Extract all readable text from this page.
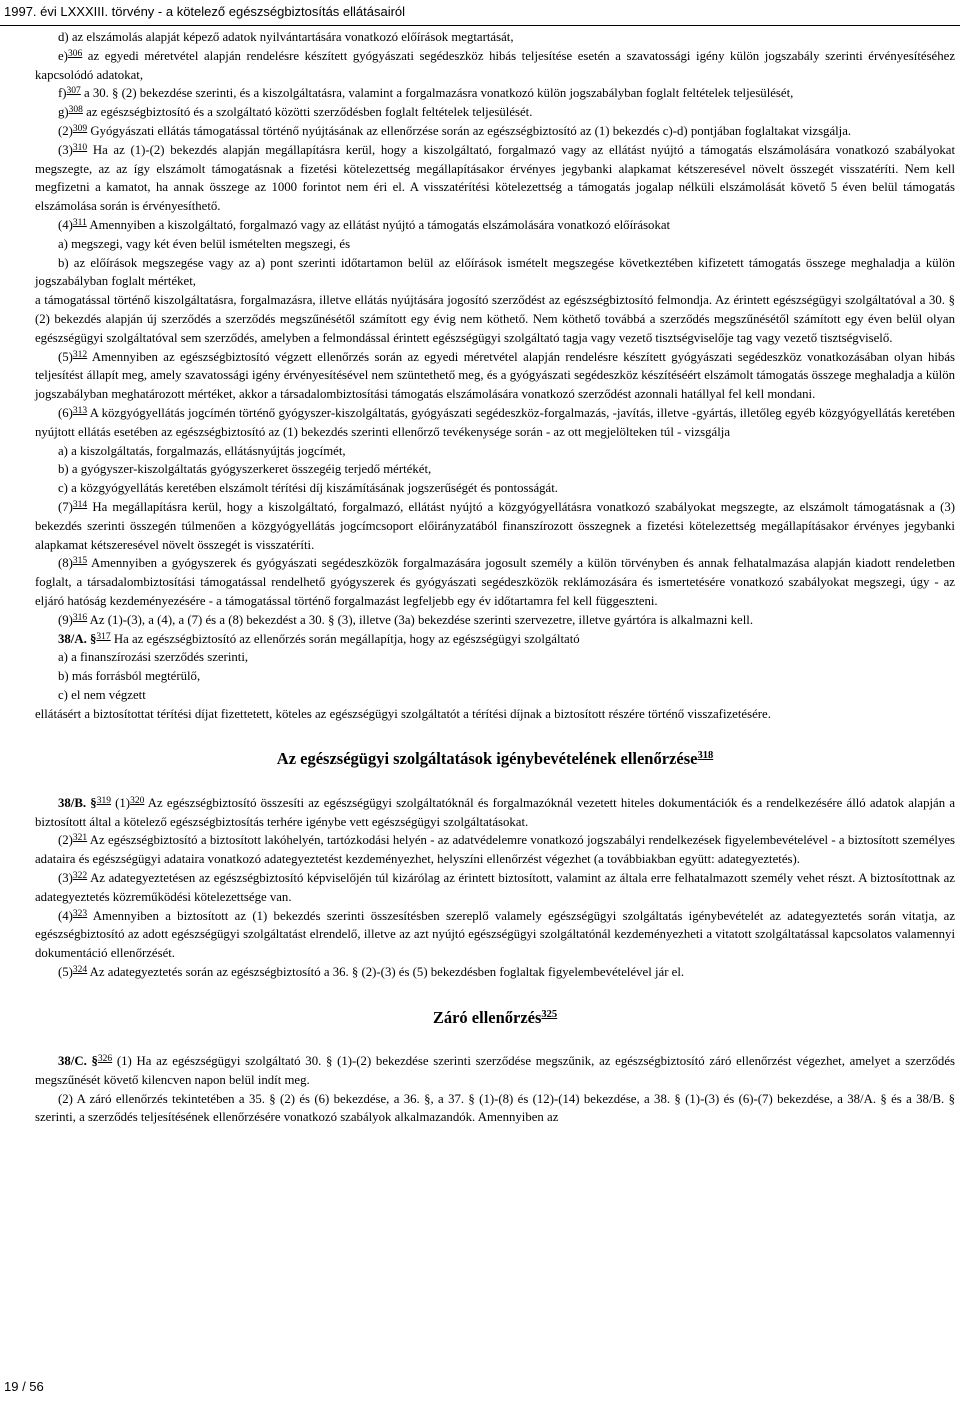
1997. évi LXXXIII. törvény - a kötelező egészségbiztosítás ellátásairól

d) az elszámolás alapját képező adatok nyilvántartására vonatkozó előírások megtartását,

e)$^{306}$ az egyedi méretvétel alapján rendelésre készített gyógyászati segédeszköz hibás teljesítése esetén a szavatossági igény külön jogszabály szerinti érvényesítéséhez kapcsolódó adatokat,

f)$^{307}$ a 30. § (2) bekezdése szerinti, és a kiszolgáltatásra, valamint a forgalmazásra vonatkozó külön jogszabályban foglalt feltételek teljesülését,

g)$^{308}$ az egészségbiztosító és a szolgáltató közötti szerződésben foglalt feltételek teljesülését.

$(2)^{309}$ Gyógyászati ellátás támogatással történő nyújtásának az ellenőrzése során az egészségbiztosító az (1) bekezdés c)-d) pontjában foglaltakat vizsgálja.

$(3)^{310}$ Ha az (1)-(2) bekezdés alapján megállapításra kerül, hogy a kiszolgáltató, forgalmazó vagy az ellátást nyújtó a támogatás elszámolására vonatkozó szabályokat megszegte, az az így elszámolt támogatásnak a fizetési kötelezettség megállapításakor érvényes jegybanki alapkamat kétszeresével növelt összegét visszatéríti. Nem kell megfizetni a kamatot, ha annak összege az 1000 forintot nem éri el. A visszatérítési kötelezettség a támogatás jogalap nélküli elszámolását követő 5 éven belül támogatás elszámolása során is érvényesíthető.

$(4)^{311}$ Amennyiben a kiszolgáltató, forgalmazó vagy az ellátást nyújtó a támogatás elszámolására vonatkozó előírásokat

a) megszegi, vagy két éven belül ismételten megszegi, és

b) az előírások megszegése vagy az a) pont szerinti időtartamon belül az előírások ismételt megszegése következtében kifizetett támogatás összege meghaladja a külön jogszabályban foglalt mértéket,

a támogatással történő kiszolgáltatásra, forgalmazásra, illetve ellátás nyújtására jogosító szerződést az egészségbiztosító felmondja. Az érintett egészségügyi szolgáltatóval a 30. § (2) bekezdés alapján új szerződés a szerződés megszűnésétől számított egy évig nem köthető. Nem köthető továbbá a szerződés megszűnésétől számított egy éven belül olyan egészségügyi szolgáltatóval sem szerződés, amelyben a felmondással érintett egészségügyi szolgáltató tagja vagy vezető tisztségviselője tag vagy vezető tisztségviselő.

$(5)^{312}$ Amennyiben az egészségbiztosító végzett ellenőrzés során az egyedi méretvétel alapján rendelésre készített gyógyászati segédeszköz vonatkozásában olyan hibás teljesítést állapít meg, amely szavatossági igény érvényesítésével nem szüntethető meg, és a gyógyászati segédeszköz készítéséért elszámolt támogatás összege meghaladja a külön jogszabályban meghatározott mértéket, akkor a társadalombiztosítási támogatás elszámolására vonatkozó szerződést azonnali hatállyal fel kell mondani.

$(6)^{313}$ A közgyógyellátás jogcímén történő gyógyszer-kiszolgáltatás, gyógyászati segédeszköz-forgalmazás, -javítás, illetve -gyártás, illetőleg egyéb közgyógyellátás keretében nyújtott ellátás esetében az egészségbiztosító az (1) bekezdés szerinti ellenőrző tevékenysége során - az ott megjelölteken túl - vizsgálja

a) a kiszolgáltatás, forgalmazás, ellátásnyújtás jogcímét,

b) a gyógyszer-kiszolgáltatás gyógyszerkeret összegéig terjedő mértékét,

c) a közgyógyellátás keretében elszámolt térítési díj kiszámításának jogszerűségét és pontosságát.

$(7)^{314}$ Ha megállapításra kerül, hogy a kiszolgáltató, forgalmazó, ellátást nyújtó a közgyógyellátásra vonatkozó szabályokat megszegte, az elszámolt támogatásnak a (3) bekezdés szerinti összegén túlmenően a közgyógyellátás jogcímcsoport előirányzatából finanszírozott összegnek a fizetési kötelezettség megállapításakor érvényes jegybanki alapkamat kétszeresével növelt összegét is visszatéríti.

$(8)^{315}$ Amennyiben a gyógyszerek és gyógyászati segédeszközök forgalmazására jogosult személy a külön törvényben és annak felhatalmazása alapján kiadott rendeletben foglalt, a társadalombiztosítási támogatással rendelhető gyógyszerek és gyógyászati segédeszközök reklámozására és ismertetésére vonatkozó szabályokat megszegi, úgy - az eljáró hatóság kezdeményezésére - a támogatással történő forgalmazást legfeljebb egy év időtartamra fel kell függeszteni.

$(9)^{316}$ Az (1)-(3), a (4), a (7) és a (8) bekezdést a 30. § (3), illetve (3a) bekezdése szerinti szervezetre, illetve gyártóra is alkalmazni kell.

38/A. §$^{317}$ Ha az egészségbiztosító az ellenőrzés során megállapítja, hogy az egészségügyi szolgáltató

a) a finanszírozási szerződés szerinti,

b) más forrásból megtérülő,

c) el nem végzett

ellátásért a biztosítottat térítési díjat fizettetett, köteles az egészségügyi szolgáltatót a térítési díjnak a biztosított részére történő visszafizetésére.

Az egészségügyi szolgáltatások igénybevételének ellenőrzése$^{318}$

38/B. §$^{319}$ $(1)^{320}$ Az egészségbiztosító összesíti az egészségügyi szolgáltatóknál és forgalmazóknál vezetett hiteles dokumentációk és a rendelkezésére álló adatok alapján a biztosított által a kötelező egészségbiztosítás terhére igénybe vett egészségügyi szolgáltatásokat.

$(2)^{321}$ Az egészségbiztosító a biztosított lakóhelyén, tartózkodási helyén - az adatvédelemre vonatkozó jogszabályi rendelkezések figyelembevételével - a biztosított személyes adataira és egészségügyi adataira vonatkozó adategyeztetést kezdeményezhet, helyszíni ellenőrzést végezhet (a továbbiakban együtt: adategyeztetés).

$(3)^{322}$ Az adategyeztetésen az egészségbiztosító képviselőjén túl kizárólag az érintett biztosított, valamint az általa erre felhatalmazott személy vehet részt. A biztosítottnak az adategyeztetés közreműködési kötelezettsége van.

$(4)^{323}$ Amennyiben a biztosított az (1) bekezdés szerinti összesítésben szereplő valamely egészségügyi szolgáltatás igénybevételét az adategyeztetés során vitatja, az egészségbiztosító az adott egészségügyi szolgáltatást elrendelő, illetve az azt nyújtó egészségügyi szolgáltatónál kezdeményezheti a vitatott szolgáltatással kapcsolatos valamennyi dokumentáció ellenőrzését.

$(5)^{324}$ Az adategyeztetés során az egészségbiztosító a 36. § (2)-(3) és (5) bekezdésben foglaltak figyelembevételével jár el.

Záró ellenőrzés$^{325}$

38/C. §$^{326}$ (1) Ha az egészségügyi szolgáltató 30. § (1)-(2) bekezdése szerinti szerződése megszűnik, az egészségbiztosító záró ellenőrzést végezhet, amelyet a szerződés megszűnését követő kilencven napon belül indít meg.

(2) A záró ellenőrzés tekintetében a 35. § (2) és (6) bekezdése, a 36. §, a 37. § (1)-(8) és (12)-(14) bekezdése, a 38. § (1)-(3) és (6)-(7) bekezdése, a 38/A. § és a 38/B. § szerinti, a szerződés teljesítésének ellenőrzésére vonatkozó szabályok alkalmazandók. Amennyiben az

19 / 56
